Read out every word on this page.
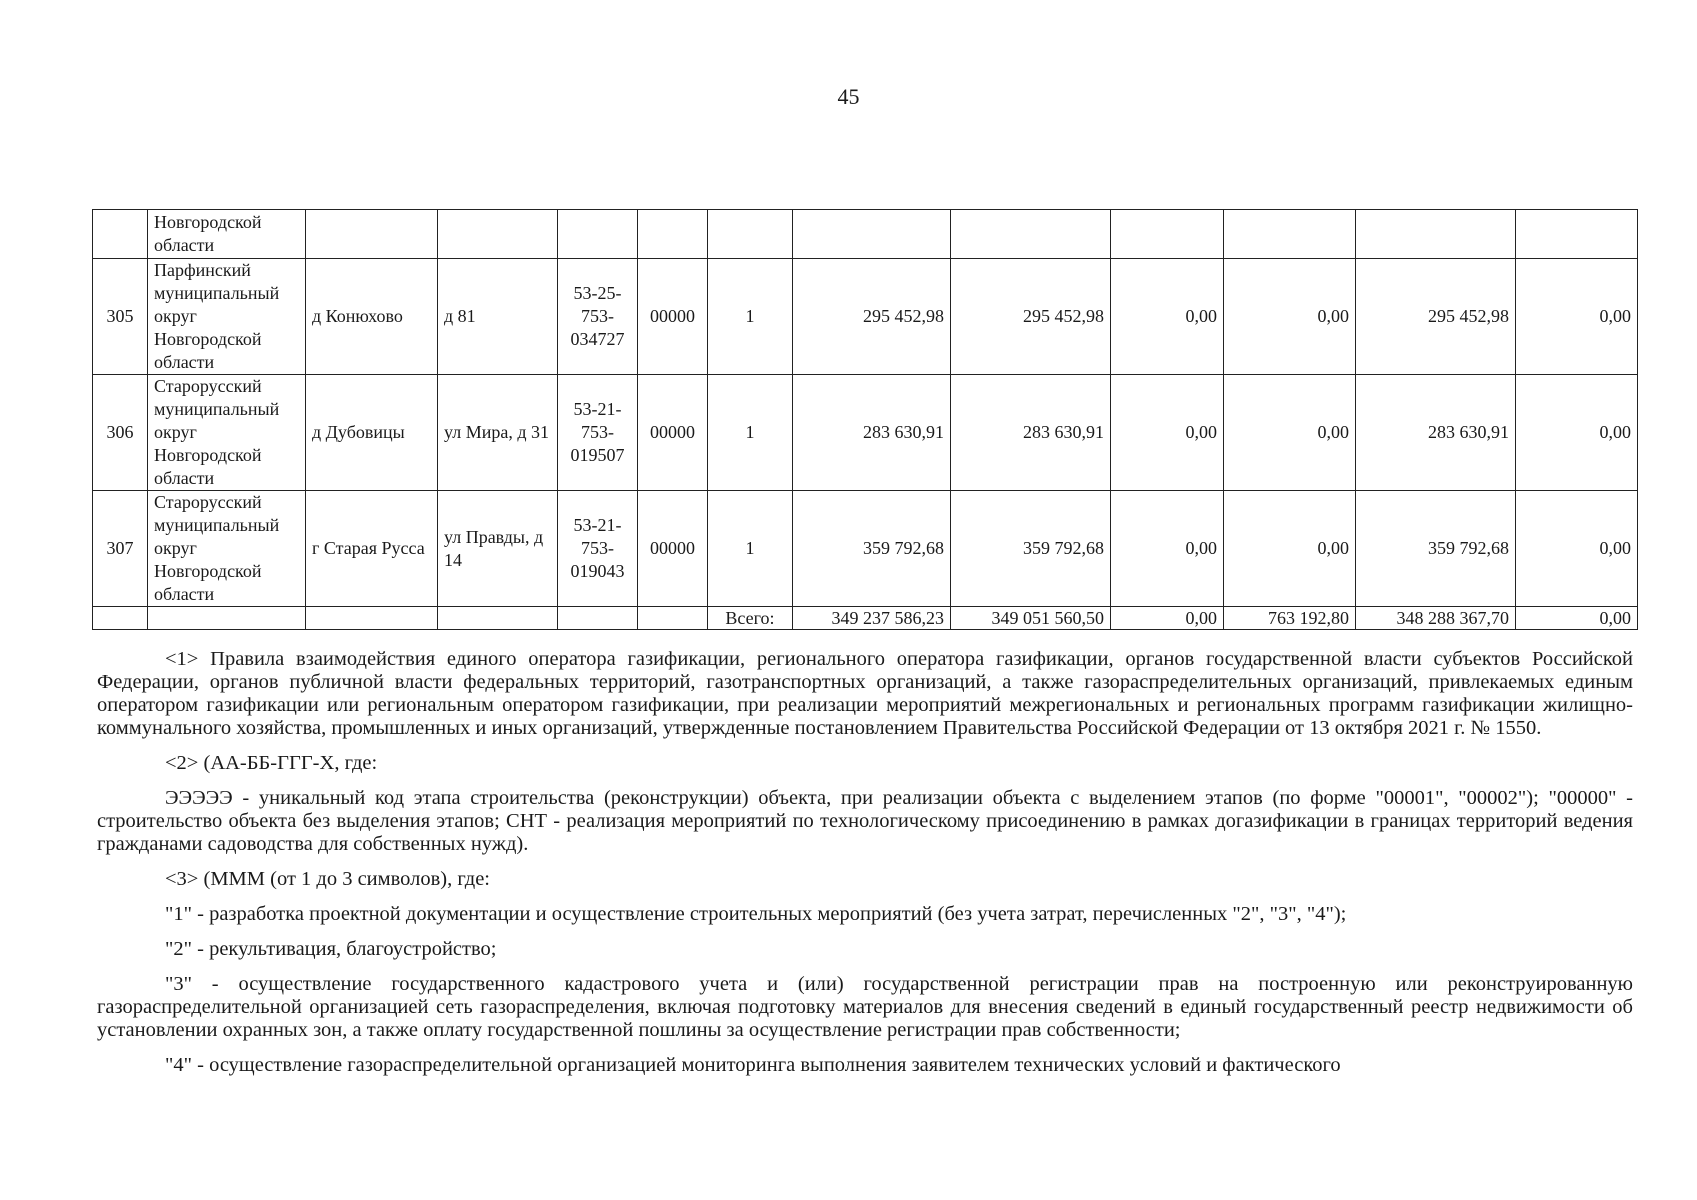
45
	Новгородской области											
305	Парфинский муниципальный округ Новгородской области	д Конюхово	д 81	53-25-753-034727	00000	1	295 452,98	295 452,98	0,00	0,00	295 452,98	0,00
306	Старорусский муниципальный округ Новгородской области	д Дубовицы	ул Мира, д 31	53-21-753-019507	00000	1	283 630,91	283 630,91	0,00	0,00	283 630,91	0,00
307	Старорусский муниципальный округ Новгородской области	г Старая Русса	ул Правды, д 14	53-21-753-019043	00000	1	359 792,68	359 792,68	0,00	0,00	359 792,68	0,00
						Всего:	349 237 586,23	349 051 560,50	0,00	763 192,80	348 288 367,70	0,00

<1> Правила взаимодействия единого оператора газификации, регионального оператора газификации, органов государственной власти субъектов Российской Федерации, органов публичной власти федеральных территорий, газотранспортных организаций, а также газораспределительных организаций, привлекаемых единым оператором газификации или региональным оператором газификации, при реализации мероприятий межрегиональных и региональных программ газификации жилищно-коммунального хозяйства, промышленных и иных организаций, утвержденные постановлением Правительства Российской Федерации от 13 октября 2021 г. № 1550.

<2> (АА-ББ-ГГГ-Х, где:

ЭЭЭЭЭ - уникальный код этапа строительства (реконструкции) объекта, при реализации объекта с выделением этапов (по форме "00001", "00002"); "00000" - строительство объекта без выделения этапов; СНТ - реализация мероприятий по технологическому присоединению в рамках догазификации в границах территорий ведения гражданами садоводства для собственных нужд).

<3> (МММ (от 1 до 3 символов), где:

"1" - разработка проектной документации и осуществление строительных мероприятий (без учета затрат, перечисленных "2", "3", "4");

"2" - рекультивация, благоустройство;

"3" - осуществление государственного кадастрового учета и (или) государственной регистрации прав на построенную или реконструированную газораспределительной организацией сеть газораспределения, включая подготовку материалов для внесения сведений в единый государственный реестр недвижимости об установлении охранных зон, а также оплату государственной пошлины за осуществление регистрации прав собственности;

"4" - осуществление газораспределительной организацией мониторинга выполнения заявителем технических условий и фактического
